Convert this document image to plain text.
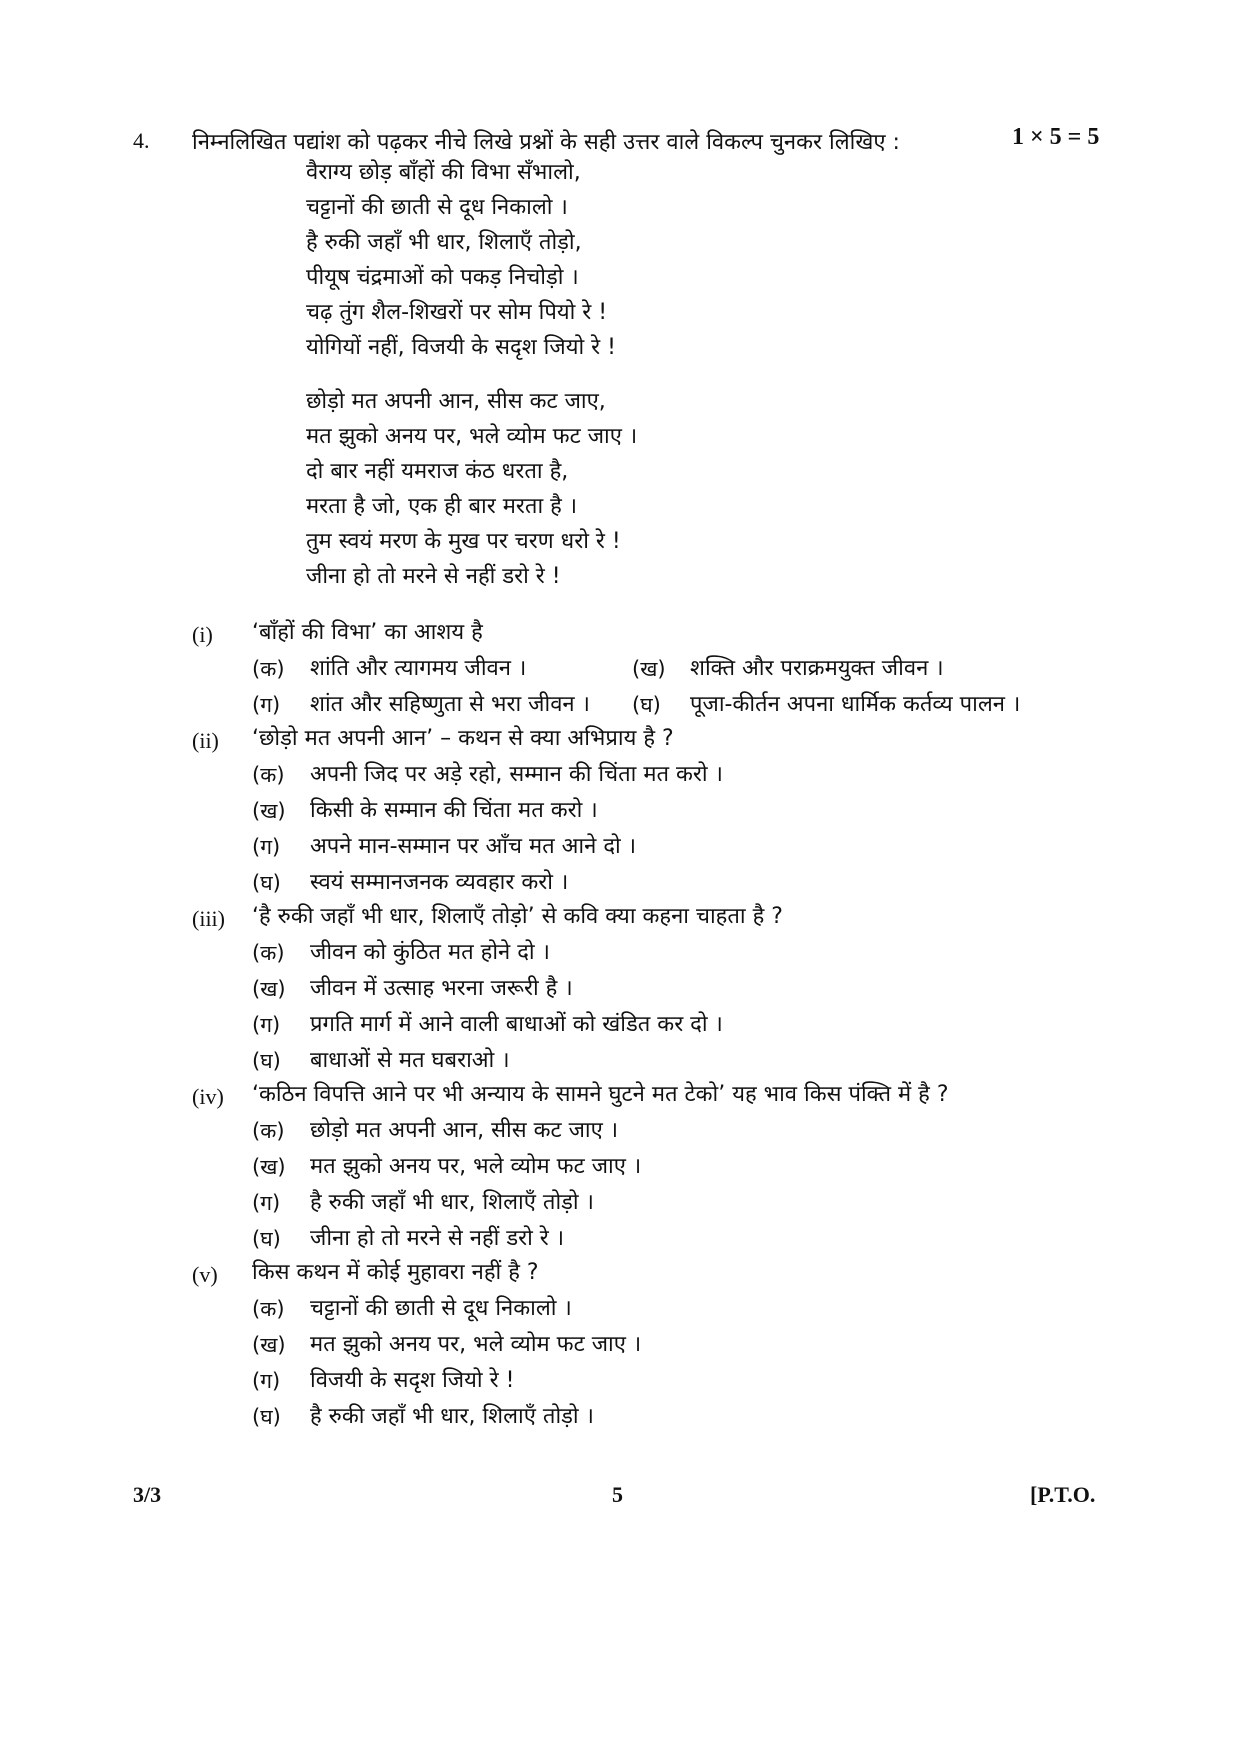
4. निम्नलिखित पद्यांश को पढ़कर नीचे लिखे प्रश्नों के सही उत्तर वाले विकल्प चुनकर लिखिए :	1 × 5 = 5
वैराग्य छोड़ बाँहों की विभा सँभालो,
चट्टानों की छाती से दूध निकालो ।
है रुकी जहाँ भी धार, शिलाएँ तोड़ो,
पीयूष चंद्रमाओं को पकड़ निचोड़ो ।
चढ़ तुंग शैल-शिखरों पर सोम पियो रे !
योगियों नहीं, विजयी के सदृश जियो रे !
छोड़ो मत अपनी आन, सीस कट जाए,
मत झुको अनय पर, भले व्योम फट जाए ।
दो बार नहीं यमराज कंठ धरता है,
मरता है जो, एक ही बार मरता है ।
तुम स्वयं मरण के मुख पर चरण धरो रे !
जीना हो तो मरने से नहीं डरो रे !
(i) ‘बाँहों की विभा’ का आशय है
(क) शांति और त्यागमय जीवन ।	(ख) शक्ति और पराक्रमयुक्त जीवन ।
(ग) शांत और सहिष्णुता से भरा जीवन । (घ) पूजा-कीर्तन अपना धार्मिक कर्तव्य पालन ।
(ii) ‘छोड़ो मत अपनी आन’ – कथन से क्या अभिप्राय है ?
(क) अपनी जिद पर अड़े रहो, सम्मान की चिंता मत करो ।
(ख) किसी के सम्मान की चिंता मत करो ।
(ग) अपने मान-सम्मान पर आँच मत आने दो ।
(घ) स्वयं सम्मानजनक व्यवहार करो ।
(iii) ‘है रुकी जहाँ भी धार, शिलाएँ तोड़ो’ से कवि क्या कहना चाहता है ?
(क) जीवन को कुंठित मत होने दो ।
(ख) जीवन में उत्साह भरना जरूरी है ।
(ग) प्रगति मार्ग में आने वाली बाधाओं को खंडित कर दो ।
(घ) बाधाओं से मत घबराओ ।
(iv) ‘कठिन विपत्ति आने पर भी अन्याय के सामने घुटने मत टेको’ यह भाव किस पंक्ति में है ?
(क) छोड़ो मत अपनी आन, सीस कट जाए ।
(ख) मत झुको अनय पर, भले व्योम फट जाए ।
(ग) है रुकी जहाँ भी धार, शिलाएँ तोड़ो ।
(घ) जीना हो तो मरने से नहीं डरो रे ।
(v) किस कथन में कोई मुहावरा नहीं है ?
(क) चट्टानों की छाती से दूध निकालो ।
(ख) मत झुको अनय पर, भले व्योम फट जाए ।
(ग) विजयी के सदृश जियो रे !
(घ) है रुकी जहाँ भी धार, शिलाएँ तोड़ो ।
3/3	5	[P.T.O.
